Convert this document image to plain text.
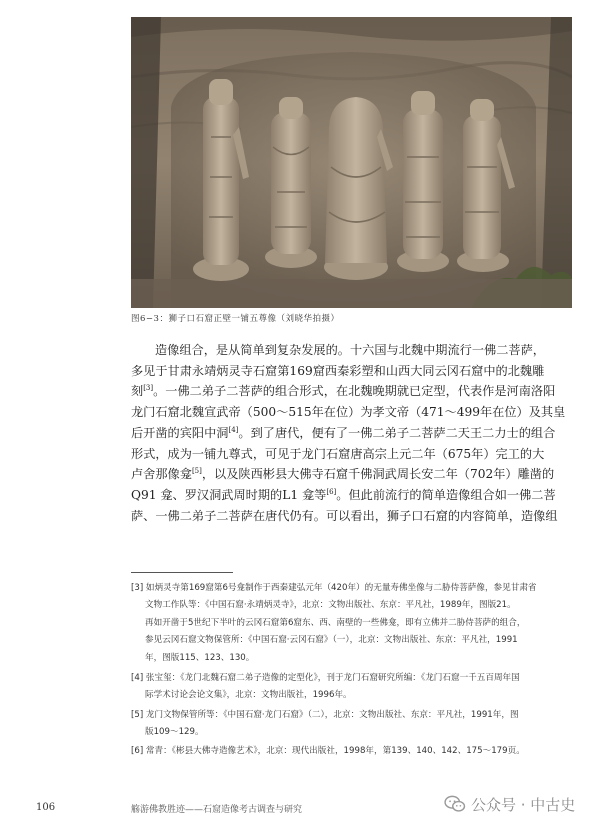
图6−3：狮子口石窟正壁一铺五尊像（刘晓华拍摄）
造像组合，是从简单到复杂发展的。十六国与北魏中期流行一佛二菩萨，
多见于甘肃永靖炳灵寺石窟第169窟西秦彩塑和山西大同云冈石窟中的北魏雕
刻[3]。一佛二弟子二菩萨的组合形式，在北魏晚期就已定型，代表作是河南洛阳
龙门石窟北魏宣武帝（500～515年在位）为孝文帝（471～499年在位）及其皇
后开凿的宾阳中洞[4]。到了唐代，便有了一佛二弟子二菩萨二天王二力士的组合
形式，成为一铺九尊式，可见于龙门石窟唐高宗上元二年（675年）完工的大
卢舍那像龛[5]，以及陕西彬县大佛寺石窟千佛洞武周长安二年（702年）雕凿的
Q91 龛、罗汉洞武周时期的L1 龛等[6]。但此前流行的简单造像组合如一佛二菩
萨、一佛二弟子二菩萨在唐代仍有。可以看出，狮子口石窟的内容简单，造像组
[3] 如炳灵寺第169窟第6号龛制作于西秦建弘元年（420年）的无量寿佛坐像与二胁侍菩萨像，参见甘肃省
文物工作队等：《中国石窟·永靖炳灵寺》，北京：文物出版社、东京：平凡社，1989年，图版21。
再如开凿于5世纪下半叶的云冈石窟第6窟东、西、南壁的一些佛龛，即有立佛并二胁侍菩萨的组合，
参见云冈石窟文物保管所：《中国石窟·云冈石窟》（一），北京：文物出版社、东京：平凡社，1991
年，图版115、123、130。
[4] 张宝玺：《龙门北魏石窟二弟子造像的定型化》，刊于龙门石窟研究所编：《龙门石窟一千五百周年国
际学术讨论会论文集》，北京：文物出版社，1996年。
[5] 龙门文物保管所等：《中国石窟·龙门石窟》（二），北京：文物出版社、东京：平凡社，1991年，图
版109～129。
[6] 常青：《彬县大佛寺造像艺术》，北京：现代出版社，1998年，第139、140、142、175～179页。
106	觞游佛教胜迹——石窟造像考古调查与研究	公众号 · 中古史
